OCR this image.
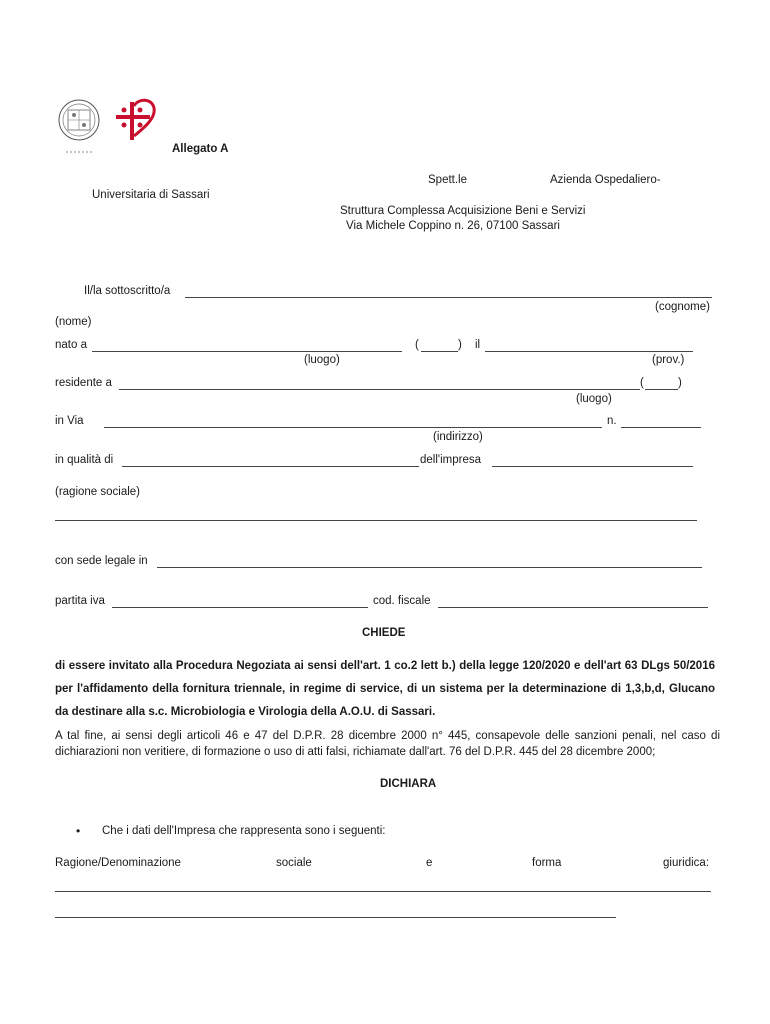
Allegato A
Spett.le	Azienda Ospedaliero-
Universitaria di Sassari
Struttura Complessa Acquisizione Beni e Servizi
Via Michele Coppino n. 26, 07100 Sassari
Il/la sottoscritto/a
(cognome)
(nome)
nato a	(	) il
(luogo)	(prov.)
residente a	(	)
(luogo)
in Via	n.
(indirizzo)
in qualità di	dell'impresa
(ragione sociale)
con sede legale in
partita iva	cod. fiscale
CHIEDE
di essere invitato alla Procedura Negoziata ai sensi dell'art. 1 co.2 lett b.) della legge 120/2020 e dell'art 63 DLgs 50/2016 per l'affidamento della fornitura triennale, in regime di service, di un sistema per la determinazione di 1,3,b,d, Glucano da destinare alla s.c. Microbiologia e Virologia della A.O.U. di Sassari.
A tal fine, ai sensi degli articoli 46 e 47 del D.P.R. 28 dicembre 2000 n° 445, consapevole delle sanzioni penali, nel caso di dichiarazioni non veritiere, di formazione o uso di atti falsi, richiamate dall'art. 76 del D.P.R. 445 del 28 dicembre 2000;
DICHIARA
• Che i dati dell'Impresa che rappresenta sono i seguenti:
Ragione/Denominazione	sociale	e	forma	giuridica:
